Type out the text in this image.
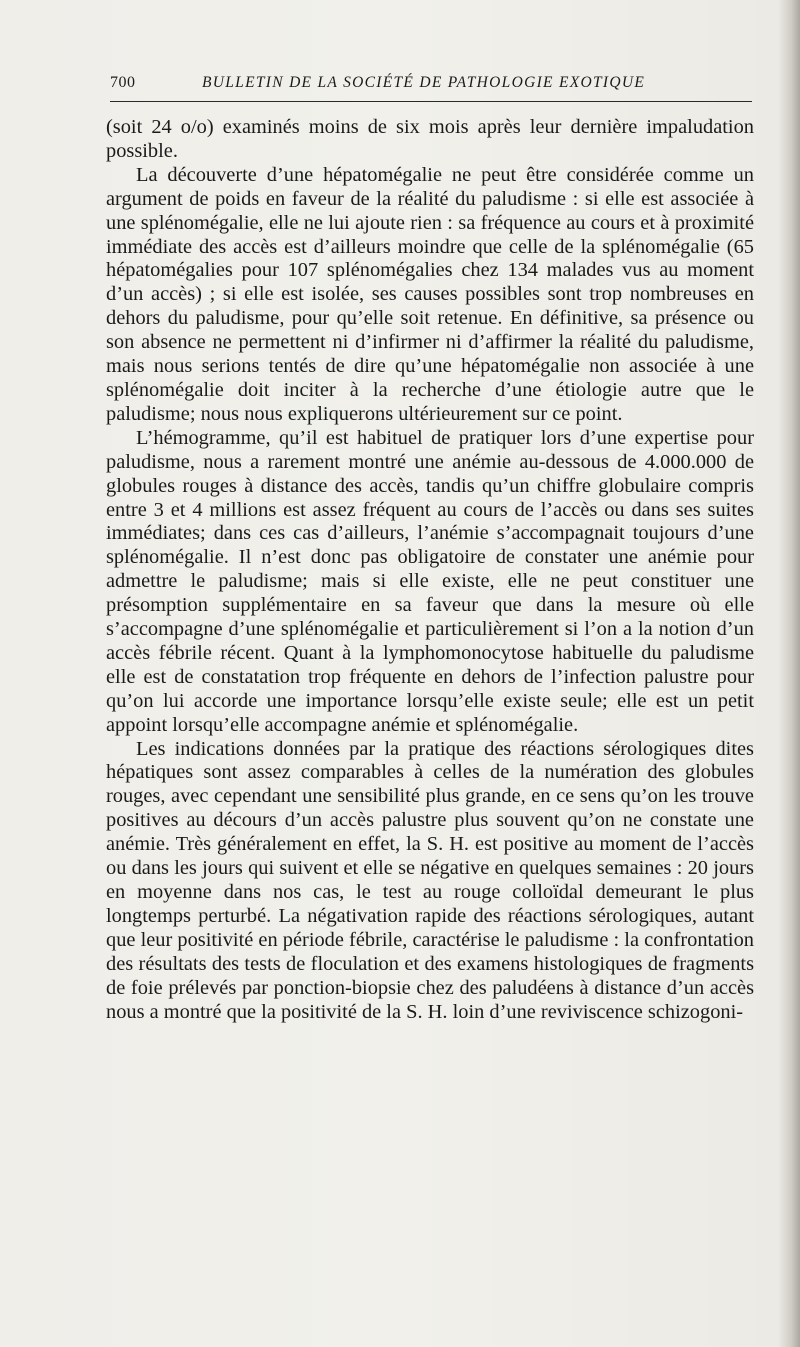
700	BULLETIN DE LA SOCIÉTÉ DE PATHOLOGIE EXOTIQUE

(soit 24 o/o) examinés moins de six mois après leur dernière impaludation possible.

La découverte d’une hépatomégalie ne peut être considérée comme un argument de poids en faveur de la réalité du paludisme : si elle est associée à une splénomégalie, elle ne lui ajoute rien : sa fréquence au cours et à proximité immédiate des accès est d’ailleurs moindre que celle de la splénomégalie (65 hépatomégalies pour 107 splénomégalies chez 134 malades vus au moment d’un accès) ; si elle est isolée, ses causes possibles sont trop nombreuses en dehors du paludisme, pour qu’elle soit retenue. En définitive, sa présence ou son absence ne permettent ni d’infirmer ni d’affirmer la réalité du paludisme, mais nous serions tentés de dire qu’une hépatomégalie non associée à une splénomégalie doit inciter à la recherche d’une étiologie autre que le paludisme; nous nous expliquerons ultérieurement sur ce point.

L’hémogramme, qu’il est habituel de pratiquer lors d’une expertise pour paludisme, nous a rarement montré une anémie au-dessous de 4.000.000 de globules rouges à distance des accès, tandis qu’un chiffre globulaire compris entre 3 et 4 millions est assez fréquent au cours de l’accès ou dans ses suites immédiates; dans ces cas d’ailleurs, l’anémie s’accompagnait toujours d’une splénomégalie. Il n’est donc pas obligatoire de constater une anémie pour admettre le paludisme; mais si elle existe, elle ne peut constituer une présomption supplémentaire en sa faveur que dans la mesure où elle s’accompagne d’une splénomégalie et particulièrement si l’on a la notion d’un accès fébrile récent. Quant à la lymphomonocytose habituelle du paludisme elle est de constatation trop fréquente en dehors de l’infection palustre pour qu’on lui accorde une importance lorsqu’elle existe seule; elle est un petit appoint lorsqu’elle accompagne anémie et splénomégalie.

Les indications données par la pratique des réactions sérologiques dites hépatiques sont assez comparables à celles de la numération des globules rouges, avec cependant une sensibilité plus grande, en ce sens qu’on les trouve positives au décours d’un accès palustre plus souvent qu’on ne constate une anémie. Très généralement en effet, la S. H. est positive au moment de l’accès ou dans les jours qui suivent et elle se négative en quelques semaines : 20 jours en moyenne dans nos cas, le test au rouge colloïdal demeurant le plus longtemps perturbé. La négativation rapide des réactions sérologiques, autant que leur positivité en période fébrile, caractérise le paludisme : la confrontation des résultats des tests de floculation et des examens histologiques de fragments de foie prélevés par ponction-biopsie chez des paludéens à distance d’un accès nous a montré que la positivité de la S. H. loin d’une reviviscence schizogoni-
